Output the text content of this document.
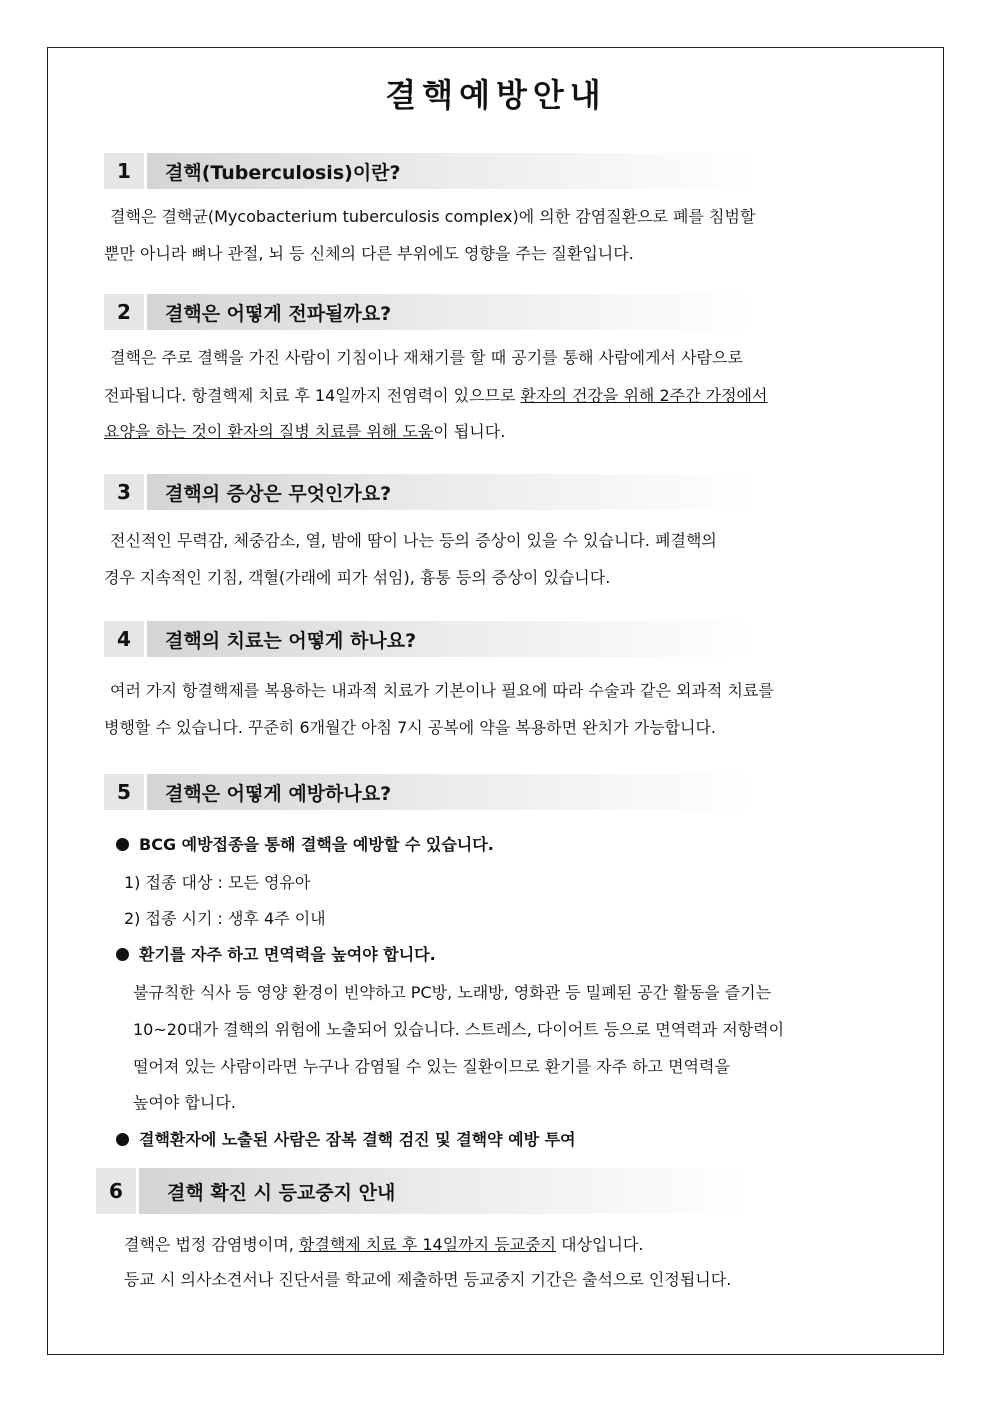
결핵예방안내
1	결핵(Tuberculosis)이란?
결핵은 결핵균(Mycobacterium tuberculosis complex)에 의한 감염질환으로 폐를 침범할
뿐만 아니라 뼈나 관절, 뇌 등 신체의 다른 부위에도 영향을 주는 질환입니다.
2	결핵은 어떻게 전파될까요?
결핵은 주로 결핵을 가진 사람이 기침이나 재채기를 할 때 공기를 통해 사람에게서 사람으로
전파됩니다. 항결핵제 치료 후 14일까지 전염력이 있으므로 환자의 건강을 위해 2주간 가정에서
요양을 하는 것이 환자의 질병 치료를 위해 도움이 됩니다.
3	결핵의 증상은 무엇인가요?
전신적인 무력감, 체중감소, 열, 밤에 땀이 나는 등의 증상이 있을 수 있습니다. 폐결핵의
경우 지속적인 기침, 객혈(가래에 피가 섞임), 흉통 등의 증상이 있습니다.
4	결핵의 치료는 어떻게 하나요?
여러 가지 항결핵제를 복용하는 내과적 치료가 기본이나 필요에 따라 수술과 같은 외과적 치료를
병행할 수 있습니다. 꾸준히 6개월간 아침 7시 공복에 약을 복용하면 완치가 가능합니다.
5	결핵은 어떻게 예방하나요?
BCG 예방접종을 통해 결핵을 예방할 수 있습니다.
1) 접종 대상 : 모든 영유아
2) 접종 시기 : 생후 4주 이내
환기를 자주 하고 면역력을 높여야 합니다.
불규칙한 식사 등 영양 환경이 빈약하고 PC방, 노래방, 영화관 등 밀폐된 공간 활동을 즐기는
10~20대가 결핵의 위험에 노출되어 있습니다. 스트레스, 다이어트 등으로 면역력과 저항력이
떨어져 있는 사람이라면 누구나 감염될 수 있는 질환이므로 환기를 자주 하고 면역력을
높여야 합니다.
결핵환자에 노출된 사람은 잠복 결핵 검진 및 결핵약 예방 투여
6	결핵 확진 시 등교중지 안내
결핵은 법정 감염병이며, 항결핵제 치료 후 14일까지 등교중지 대상입니다.
등교 시 의사소견서나 진단서를 학교에 제출하면 등교중지 기간은 출석으로 인정됩니다.
